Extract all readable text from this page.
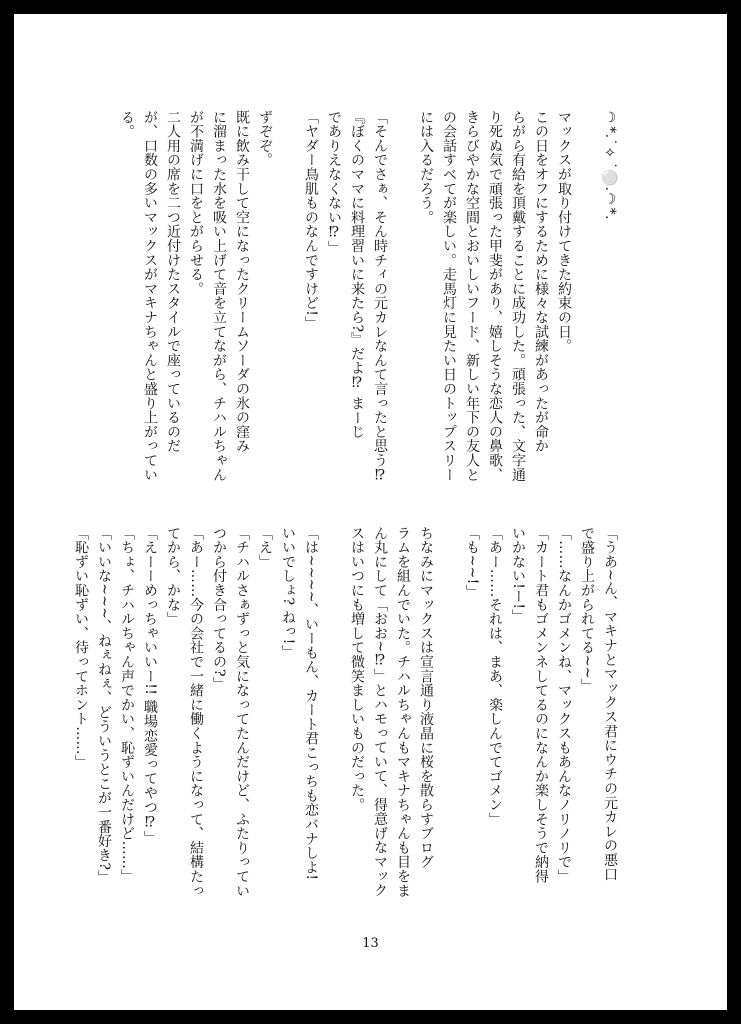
☽*.˙✧˙⚪.☽*.

マックスが取り付けてきた約束の日。
この日をオフにするために様々な試練があったが命か
らがら有給を頂戴することに成功した。頑張った、文字通
り死ぬ気で頑張った甲斐があり、嬉しそうな恋人の鼻歌、
きらびやかな空間とおいしいフード、新しい年下の友人と
の会話すべてが楽しい。走馬灯に見たい日のトップスリー
には入るだろう。

「そんでさぁ、そん時チィの元カレなんて言ったと思う⁉
『ぼくのママに料理習いに来たら?』だよ⁉ まーじ
でありえなくない⁉」
「ヤダー鳥肌ものなんですけど!」

ずぞぞ。
既に飲み干して空になったクリームソーダの氷の窪み
に溜まった水を吸い上げて音を立てながら、チハルちゃん
が不満げに口をとがらせる。
二人用の席を二つ近付けたスタイルで座っているのだ
が、口数の多いマックスがマキナちゃんと盛り上がってい
る。
「うあ~ん、マキナとマックス君にウチの元カレの悪口
で盛り上がられてる~~」
「……なんかゴメンね、マックスもあんなノリノリで」
「カート君もゴメンネしてるのになんか楽しそうで納得
いかない!ー!」
「あー……それは、まあ、楽しんでてゴメン」
「も~~!」

ちなみにマックスは宣言通り液晶に桜を散らすブログ
ラムを組んでいた。チハルちゃんもマキナちゃんも目をま
ん丸にして「おお~⁉」とハモっていて、得意げなマック
スはいつにも増して微笑ましいものだった。

「は~~~~、いーもん、カート君こっちも恋バナしよ!
いいでしょ? ねっ!」
「え」
「チハルさぁずっと気になってたんだけど、ふたりってい
つから付き合ってるの?」
「あー……今の会社で一緒に働くようになって、結構たっ
てから、かな」
「えーーめっちゃいいー!! 職場恋愛ってやつ⁉」
「ちょ、チハルちゃん声でかい、恥ずいんだけど……」
「いいな~~~、ねぇねぇ、どういうとこが一番好き?」
「恥ずい恥ずい、待ってホント……」
13
